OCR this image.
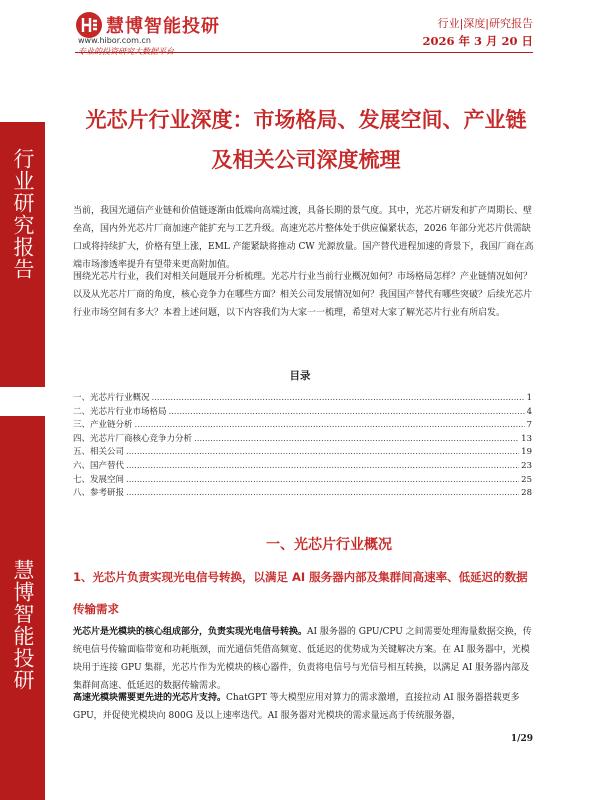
行业研究报告
慧博智能投研
慧博智能投研
www.hibor.com.cn
专业的投资研究大数据平台
行业|深度|研究报告
2026 年 3 月 20 日
光芯片行业深度：市场格局、发展空间、产业链及相关公司深度梳理

当前，我国光通信产业链和价值链逐渐由低端向高端过渡，具备长期的景气度。其中，光芯片研发和扩产周期长、壁垒高，国内外光芯片厂商加速产能扩充与工艺升级。高速光芯片整体处于供应偏紧状态，2026 年部分光芯片供需缺口或将持续扩大，价格有望上涨，EML 产能紧缺将推动 CW 光源放量。国产替代进程加速的背景下，我国厂商在高端市场渗透率提升有望带来更高附加值。

围绕光芯片行业，我们对相关问题展开分析梳理。光芯片行业当前行业概况如何？市场格局怎样？产业链情况如何？以及从光芯片厂商的角度，核心竞争力在哪些方面？相关公司发展情况如何？我国国产替代有哪些突破？后续光芯片行业市场空间有多大？本着上述问题，以下内容我们为大家一一梳理，希望对大家了解光芯片行业有所启发。

目录
一、光芯片行业概况 .....	1
二、光芯片行业市场格局 .....	4
三、产业链分析 .....	7
四、光芯片厂商核心竞争力分析 .....	13
五、相关公司 .....	19
六、国产替代 .....	23
七、发展空间 .....	25
八、参考研报 .....	28
一、光芯片行业概况
1、光芯片负责实现光电信号转换，以满足 AI 服务器内部及集群间高速率、低延迟的数据传输需求

光芯片是光模块的核心组成部分，负责实现光电信号转换。AI 服务器的 GPU/CPU 之间需要处理海量数据交换，传统电信号传输面临带宽和功耗瓶颈，而光通信凭借高频宽、低延迟的优势成为关键解决方案。在 AI 服务器中，光模块用于连接 GPU 集群，光芯片作为光模块的核心器件，负责将电信号与光信号相互转换，以满足 AI 服务器内部及集群间高速、低延迟的数据传输需求。

高速光模块需要更先进的光芯片支持。ChatGPT 等大模型应用对算力的需求激增，直接拉动 AI 服务器搭载更多 GPU，并促使光模块向 800G 及以上速率迭代。AI 服务器对光模块的需求量远高于传统服务器，

1/29
